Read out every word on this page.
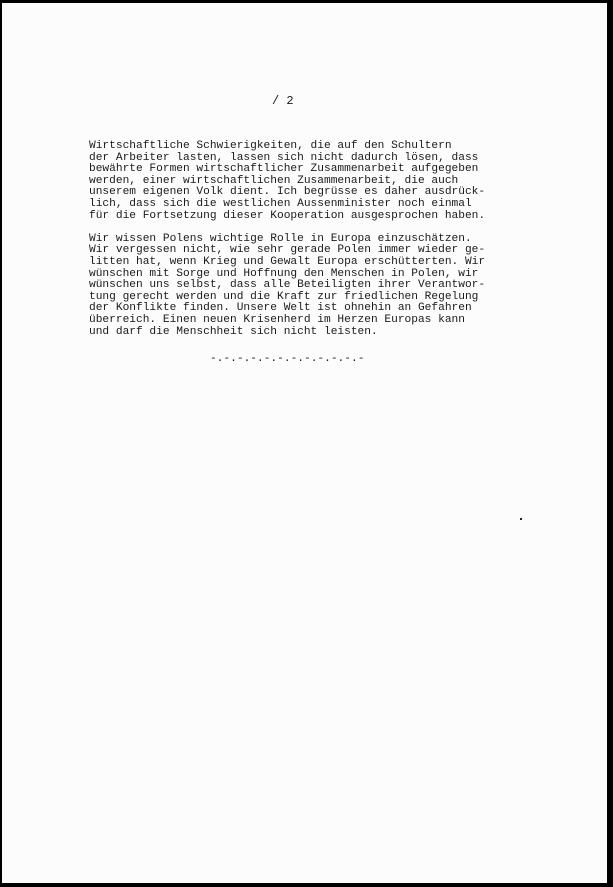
/ 2
Wirtschaftliche Schwierigkeiten, die auf den Schultern
der Arbeiter lasten, lassen sich nicht dadurch lösen, dass
bewährte Formen wirtschaftlicher Zusammenarbeit aufgegeben
werden, einer wirtschaftlichen Zusammenarbeit, die auch
unserem eigenen Volk dient. Ich begrüsse es daher ausdrück-
lich, dass sich die westlichen Aussenminister noch einmal
für die Fortsetzung dieser Kooperation ausgesprochen haben.
Wir wissen Polens wichtige Rolle in Europa einzuschätzen.
Wir vergessen nicht, wie sehr gerade Polen immer wieder ge-
litten hat, wenn Krieg und Gewalt Europa erschütterten. Wir
wünschen mit Sorge und Hoffnung den Menschen in Polen, wir
wünschen uns selbst, dass alle Beteiligten ihrer Verantwor-
tung gerecht werden und die Kraft zur friedlichen Regelung
der Konflikte finden. Unsere Welt ist ohnehin an Gefahren
überreich. Einen neuen Krisenherd im Herzen Europas kann
und darf die Menschheit sich nicht leisten.
-.-.-.-.-.-.-.-.-.-.-.-
